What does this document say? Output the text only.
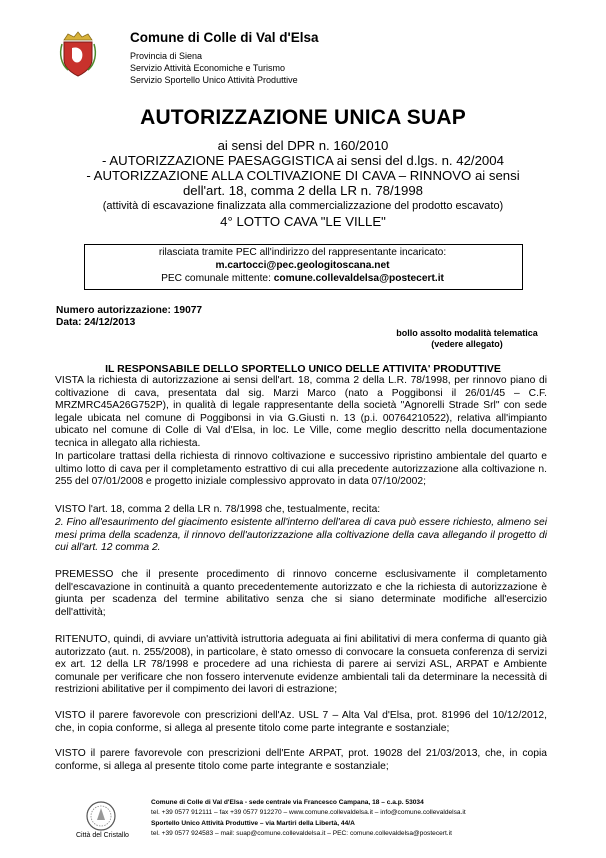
Comune di Colle di Val d'Elsa
Provincia di Siena
Servizio Attività Economiche e Turismo
Servizio Sportello Unico Attività Produttive
AUTORIZZAZIONE UNICA SUAP
ai sensi del DPR n. 160/2010
- AUTORIZZAZIONE PAESAGGISTICA ai sensi del d.lgs. n. 42/2004
- AUTORIZZAZIONE ALLA COLTIVAZIONE DI CAVA – RINNOVO ai sensi
dell'art. 18, comma 2 della LR n. 78/1998
(attività di escavazione finalizzata alla commercializzazione del prodotto escavato)
4° LOTTO CAVA "LE VILLE"
rilasciata tramite PEC all'indirizzo del rappresentante incaricato:
m.cartocci@pec.geologitoscana.net
PEC comunale mittente: comune.collevaldelsa@postecert.it
Numero autorizzazione: 19077
Data: 24/12/2013
bollo assolto modalità telematica
(vedere allegato)
IL RESPONSABILE DELLO SPORTELLO UNICO DELLE ATTIVITA' PRODUTTIVE

VISTA la richiesta di autorizzazione ai sensi dell'art. 18, comma 2 della L.R. 78/1998, per rinnovo piano di coltivazione di cava, presentata dal sig. Marzi Marco (nato a Poggibonsi il 26/01/45 – C.F. MRZMRC45A26G752P), in qualità di legale rappresentante della società "Agnorelli Strade Srl" con sede legale ubicata nel comune di Poggibonsi in via G.Giusti n. 13 (p.i. 00764210522), relativa all'impianto ubicato nel comune di Colle di Val d'Elsa, in loc. Le Ville, come meglio descritto nella documentazione tecnica in allegato alla richiesta.

In particolare trattasi della richiesta di rinnovo coltivazione e successivo ripristino ambientale del quarto e ultimo lotto di cava per il completamento estrattivo di cui alla precedente autorizzazione alla coltivazione n. 255 del 07/01/2008 e progetto iniziale complessivo approvato in data 07/10/2002;

VISTO l'art. 18, comma 2 della LR n. 78/1998 che, testualmente, recita:

2. Fino all'esaurimento del giacimento esistente all'interno dell'area di cava può essere richiesto, almeno sei mesi prima della scadenza, il rinnovo dell'autorizzazione alla coltivazione della cava allegando il progetto di cui all'art. 12 comma 2.

PREMESSO che il presente procedimento di rinnovo concerne esclusivamente il completamento dell'escavazione in continuità a quanto precedentemente autorizzato e che la richiesta di autorizzazione è giunta per scadenza del termine abilitativo senza che si siano determinate modifiche all'esercizio dell'attività;

RITENUTO, quindi, di avviare un'attività istruttoria adeguata ai fini abilitativi di mera conferma di quanto già autorizzato (aut. n. 255/2008), in particolare, è stato omesso di convocare la consueta conferenza di servizi ex art. 12 della LR 78/1998 e procedere ad una richiesta di parere ai servizi ASL, ARPAT e Ambiente comunale per verificare che non fossero intervenute evidenze ambientali tali da determinare la necessità di restrizioni abilitative per il compimento dei lavori di estrazione;

VISTO il parere favorevole con prescrizioni dell'Az. USL 7 – Alta Val d'Elsa, prot. 81996 del 10/12/2012, che, in copia conforme, si allega al presente titolo come parte integrante e sostanziale;

VISTO il parere favorevole con prescrizioni dell'Ente ARPAT, prot. 19028 del 21/03/2013, che, in copia conforme, si allega al presente titolo come parte integrante e sostanziale;

Città del Cristallo
Comune di Colle di Val d'Elsa - sede centrale via Francesco Campana, 18 – c.a.p. 53034
tel. +39 0577 912111 – fax +39 0577 912270 – www.comune.collevaldelsa.it – info@comune.collevaldelsa.it
Sportello Unico Attività Produttive – via Martiri della Libertà, 44/A
tel. +39 0577 924583 – mail: suap@comune.collevaldelsa.it – PEC: comune.collevaldelsa@postecert.it
